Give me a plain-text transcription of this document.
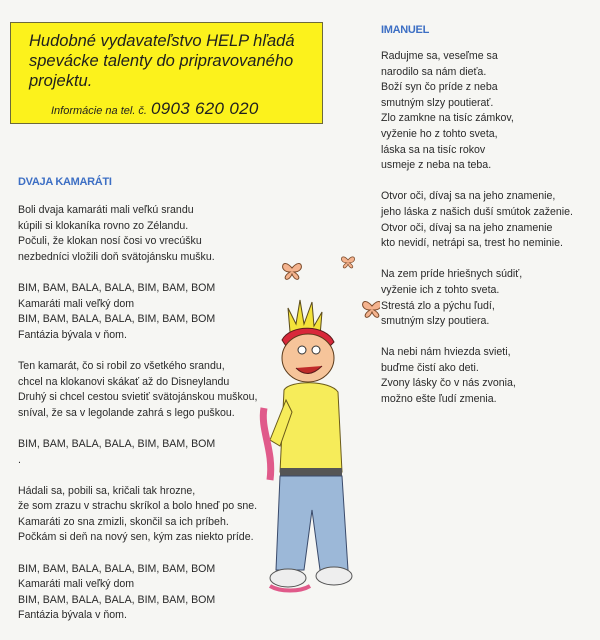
Hudobné vydavateľstvo HELP hľadá
spevácke talenty do pripravovaného
projektu.
Informácie na tel. č. 0903 620 020
DVAJA KAMARÁTI
Boli dvaja kamaráti mali veľkú srandu
kúpili si klokaníka rovno zo Zélandu.
Počuli, že klokan nosí čosi vo vrecúšku
nezbedníci vložili doň svätojánsku mušku.
BIM, BAM, BALA, BALA, BIM, BAM, BOM
Kamaráti mali veľký dom
BIM, BAM, BALA, BALA, BIM, BAM, BOM
Fantázia bývala v ňom.
Ten kamarát, čo si robil zo všetkého srandu,
chcel na klokanovi skákať až do Disneylandu
Druhý si chcel cestou svietiť svätojánskou muškou,
sníval, že sa v legolande zahrá s lego puškou.
BIM, BAM, BALA, BALA, BIM, BAM, BOM
.
Hádali sa, pobili sa, kričali tak hrozne,
že som zrazu v strachu skríkol a bolo hneď po sne.
Kamaráti zo sna zmizli, skončil sa ich príbeh.
Počkám si deň na nový sen, kým zas niekto príde.
BIM, BAM, BALA, BALA, BIM, BAM, BOM
Kamaráti mali veľký dom
BIM, BAM, BALA, BALA, BIM, BAM, BOM
Fantázia bývala v ňom.
IMANUEL
Radujme sa, veseľme sa
narodilo sa nám dieťa.
Boží syn čo príde z neba
smutným slzy poutierať.
Zlo zamkne na tisíc zámkov,
vyženie ho z tohto sveta,
láska sa na tisíc rokov
usmeje z neba na teba.
Otvor oči, dívaj sa na jeho znamenie,
jeho láska z našich duší smútok zaženie.
Otvor oči, dívaj sa na jeho znamenie
kto nevidí, netrápi sa, trest ho neminie.
Na zem príde hriešnych súdiť,
vyženie ich z tohto sveta.
Strestá zlo a pýchu ľudí,
smutným slzy poutiera.
Na nebi nám hviezda svieti,
buďme čistí ako deti.
Zvony lásky čo v nás zvonia,
možno ešte ľudí zmenia.
